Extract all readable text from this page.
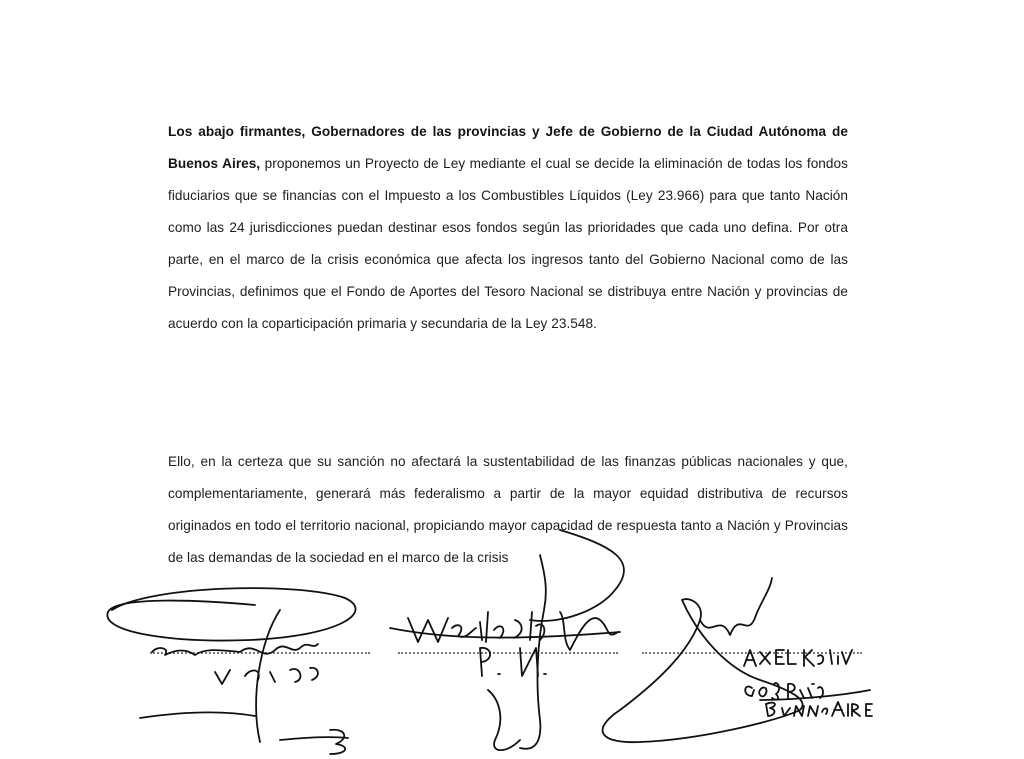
Los abajo firmantes, Gobernadores de las provincias y Jefe de Gobierno de la Ciudad Autónoma de Buenos Aires, proponemos un Proyecto de Ley mediante el cual se decide la eliminación de todas los fondos fiduciarios que se financias con el Impuesto a los Combustibles Líquidos (Ley 23.966) para que tanto Nación como las 24 jurisdicciones puedan destinar esos fondos según las prioridades que cada uno defina. Por otra parte, en el marco de la crisis económica que afecta los ingresos tanto del Gobierno Nacional como de las Provincias, definimos que el Fondo de Aportes del Tesoro Nacional se distribuya entre Nación y provincias de acuerdo con la coparticipación primaria y secundaria de la Ley 23.548.

Ello, en la certeza que su sanción no afectará la sustentabilidad de las finanzas públicas nacionales y que, complementariamente, generará más federalismo a partir de la mayor equidad distributiva de recursos originados en todo el territorio nacional, propiciando mayor capacidad de respuesta tanto a Nación y Provincias de las demandas de la sociedad en el marco de la crisis
